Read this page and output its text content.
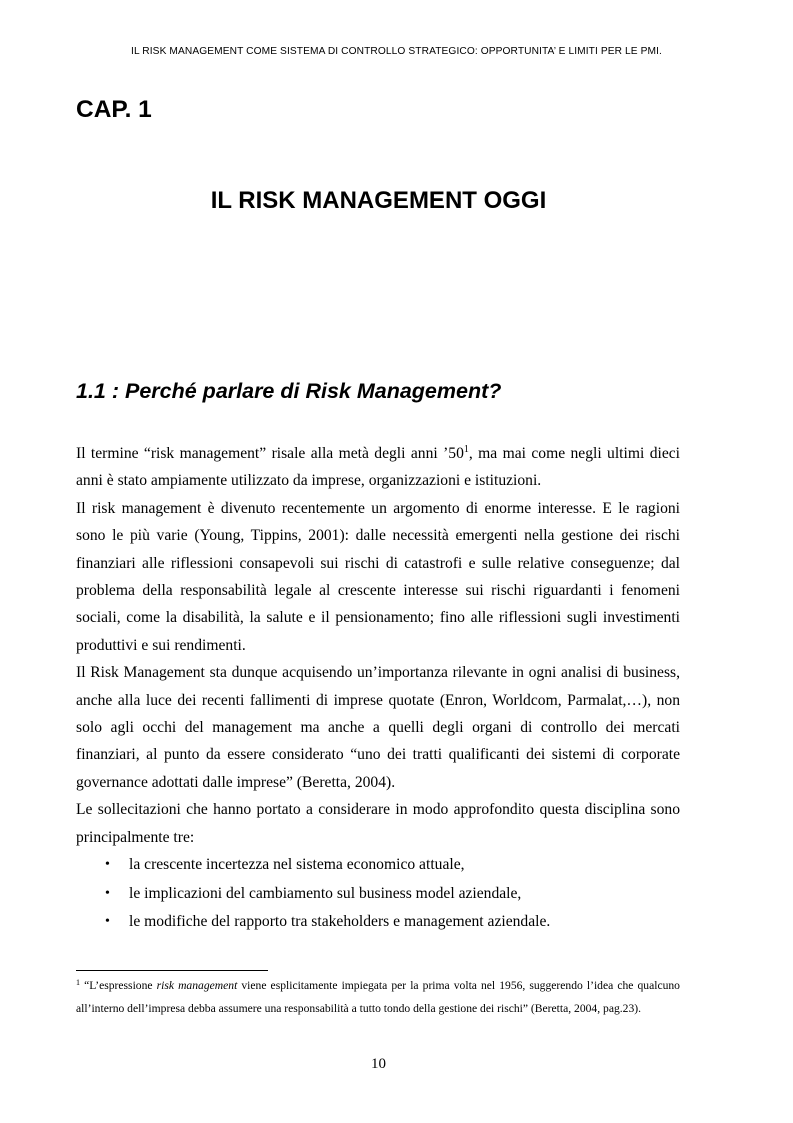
IL RISK MANAGEMENT COME SISTEMA DI CONTROLLO STRATEGICO: OPPORTUNITA’ E LIMITI PER LE PMI.
CAP. 1
IL RISK MANAGEMENT OGGI
1.1 : Perché parlare di Risk Management?

Il termine “risk management” risale alla metà degli anni $’50^1$, ma mai come negli ultimi dieci anni è stato ampiamente utilizzato da imprese, organizzazioni e istituzioni.

Il risk management è divenuto recentemente un argomento di enorme interesse. E le ragioni sono le più varie (Young, Tippins, 2001): dalle necessità emergenti nella gestione dei rischi finanziari alle riflessioni consapevoli sui rischi di catastrofi e sulle relative conseguenze; dal problema della responsabilità legale al crescente interesse sui rischi riguardanti i fenomeni sociali, come la disabilità, la salute e il pensionamento; fino alle riflessioni sugli investimenti produttivi e sui rendimenti.

Il Risk Management sta dunque acquisendo un’importanza rilevante in ogni analisi di business, anche alla luce dei recenti fallimenti di imprese quotate (Enron, Worldcom, Parmalat,…), non solo agli occhi del management ma anche a quelli degli organi di controllo dei mercati finanziari, al punto da essere considerato “uno dei tratti qualificanti dei sistemi di corporate governance adottati dalle imprese” (Beretta, 2004).

Le sollecitazioni che hanno portato a considerare in modo approfondito questa disciplina sono principalmente tre:

• la crescente incertezza nel sistema economico attuale,
• le implicazioni del cambiamento sul business model aziendale,
• le modifiche del rapporto tra stakeholders e management aziendale.
$^1$ “L’espressione risk management viene esplicitamente impiegata per la prima volta nel 1956, suggerendo l’idea che qualcuno all’interno dell’impresa debba assumere una responsabilità a tutto tondo della gestione dei rischi” (Beretta, 2004, pag.23).
10
